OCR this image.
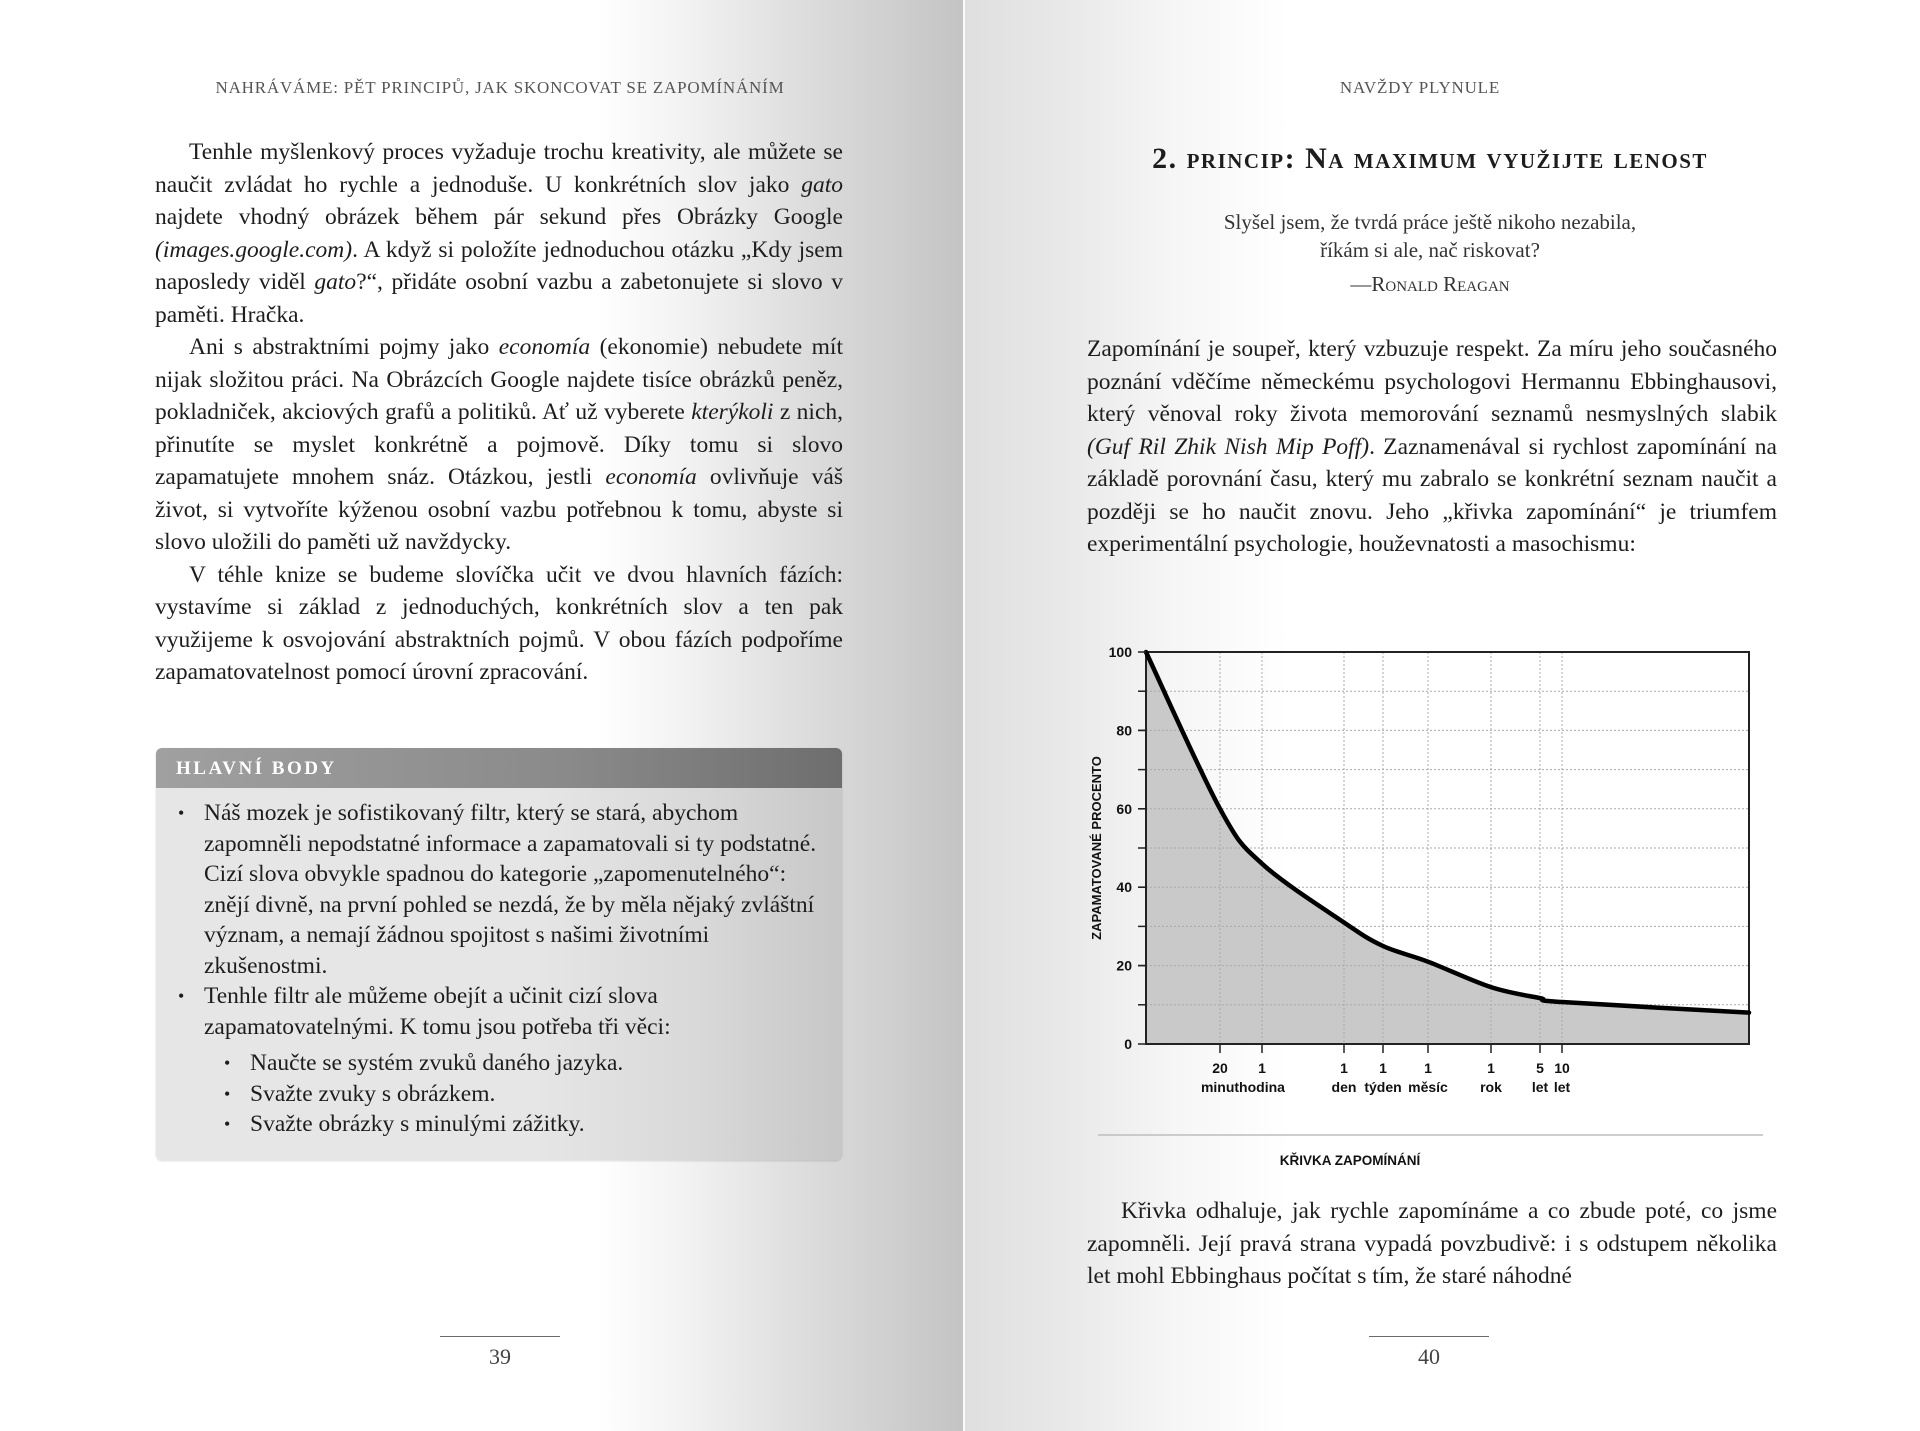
NAHRÁVÁME: PĚT PRINCIPŮ, JAK SKONCOVAT SE ZAPOMÍNÁNÍM

Tenhle myšlenkový proces vyžaduje trochu kreativity, ale můžete se naučit zvládat ho rychle a jednoduše. U konkrétních slov jako gato najdete vhodný obrázek během pár sekund přes Obrázky Google (images.google.com). A když si položíte jednoduchou otázku „Kdy jsem naposledy viděl gato?“, přidáte osobní vazbu a zabetonujete si slovo v paměti. Hračka.

Ani s abstraktními pojmy jako economía (ekonomie) nebudete mít nijak složitou práci. Na Obrázcích Google najdete tisíce obrázků peněz, pokladniček, akciových grafů a politiků. Ať už vyberete kterýkoli z nich, přinutíte se myslet konkrétně a pojmově. Díky tomu si slovo zapamatujete mnohem snáz. Otázkou, jestli economía ovlivňuje váš život, si vytvoříte kýženou osobní vazbu potřebnou k tomu, abyste si slovo uložili do paměti už navždycky.

V téhle knize se budeme slovíčka učit ve dvou hlavních fázích: vystavíme si základ z jednoduchých, konkrétních slov a ten pak využijeme k osvojování abstraktních pojmů. V obou fázích podpoříme zapamatovatelnost pomocí úrovní zpracování.

HLAVNÍ BODY
• Náš mozek je sofistikovaný filtr, který se stará, abychom zapomněli nepodstatné informace a zapamatovali si ty podstatné. Cizí slova obvykle spadnou do kategorie „zapomenutelného“: znějí divně, na první pohled se nezdá, že by měla nějaký zvláštní význam, a nemají žádnou spojitost s našimi životními zkušenostmi.
• Tenhle filtr ale můžeme obejít a učinit cizí slova zapamatovatelnými. K tomu jsou potřeba tři věci:
• Naučte se systém zvuků daného jazyka.
• Svažte zvuky s obrázkem.
• Svažte obrázky s minulými zážitky.
39
NAVŽDY PLYNULE
2. princip: Na maximum využijte lenost
Slyšel jsem, že tvrdá práce ještě nikoho nezabila,
říkám si ale, nač riskovat?
—Ronald Reagan

Zapomínání je soupeř, který vzbuzuje respekt. Za míru jeho současného poznání vděčíme německému psychologovi Hermannu Ebbinghausovi, který věnoval roky života memorování seznamů nesmyslných slabik (Guf Ril Zhik Nish Mip Poff). Zaznamenával si rychlost zapomínání na základě porovnání času, který mu zabralo se konkrétní seznam naučit a později se ho naučit znovu. Jeho „křivka zapomínání“ je triumfem experimentální psychologie, houževnatosti a masochismu:

0
20
40
60
80
100
ZAPAMATOVANÉ PROCENTO
20
minut
1
hodina
1
den
1
týden
1
měsíc
1
rok
5
let
10
let
KŘIVKA ZAPOMÍNÁNÍ

Křivka odhaluje, jak rychle zapomínáme a co zbude poté, co jsme zapomněli. Její pravá strana vypadá povzbudivě: i s odstupem několika let mohl Ebbinghaus počítat s tím, že staré náhodné

40
